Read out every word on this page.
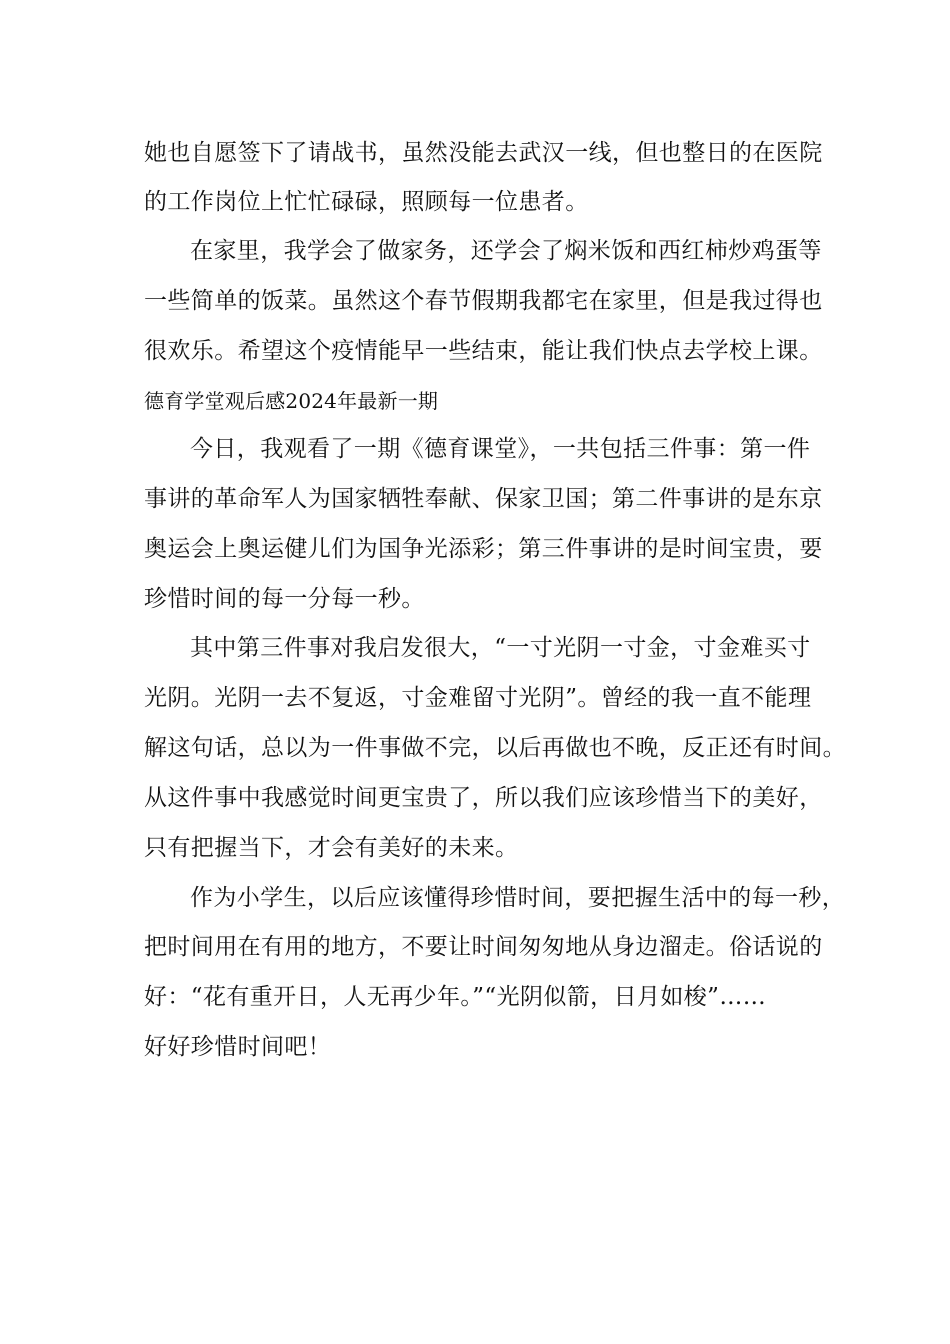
她也自愿签下了请战书，虽然没能去武汉一线，但也整日的在医院
的工作岗位上忙忙碌碌，照顾每一位患者。
在家里，我学会了做家务，还学会了焖米饭和西红柿炒鸡蛋等
一些简单的饭菜。虽然这个春节假期我都宅在家里，但是我过得也
很欢乐。希望这个疫情能早一些结束，能让我们快点去学校上课。
德育学堂观后感2024年最新一期
今日，我观看了一期《德育课堂》，一共包括三件事：第一件
事讲的革命军人为国家牺牲奉献、保家卫国；第二件事讲的是东京
奥运会上奥运健儿们为国争光添彩；第三件事讲的是时间宝贵，要
珍惜时间的每一分每一秒。
其中第三件事对我启发很大，“一寸光阴一寸金，寸金难买寸
光阴。光阴一去不复返，寸金难留寸光阴”。曾经的我一直不能理
解这句话，总以为一件事做不完，以后再做也不晚，反正还有时间。
从这件事中我感觉时间更宝贵了，所以我们应该珍惜当下的美好，
只有把握当下，才会有美好的未来。
作为小学生，以后应该懂得珍惜时间，要把握生活中的每一秒，
把时间用在有用的地方，不要让时间匆匆地从身边溜走。俗话说的
好：“花有重开日，人无再少年。”“光阴似箭，日月如梭”……
好好珍惜时间吧！
